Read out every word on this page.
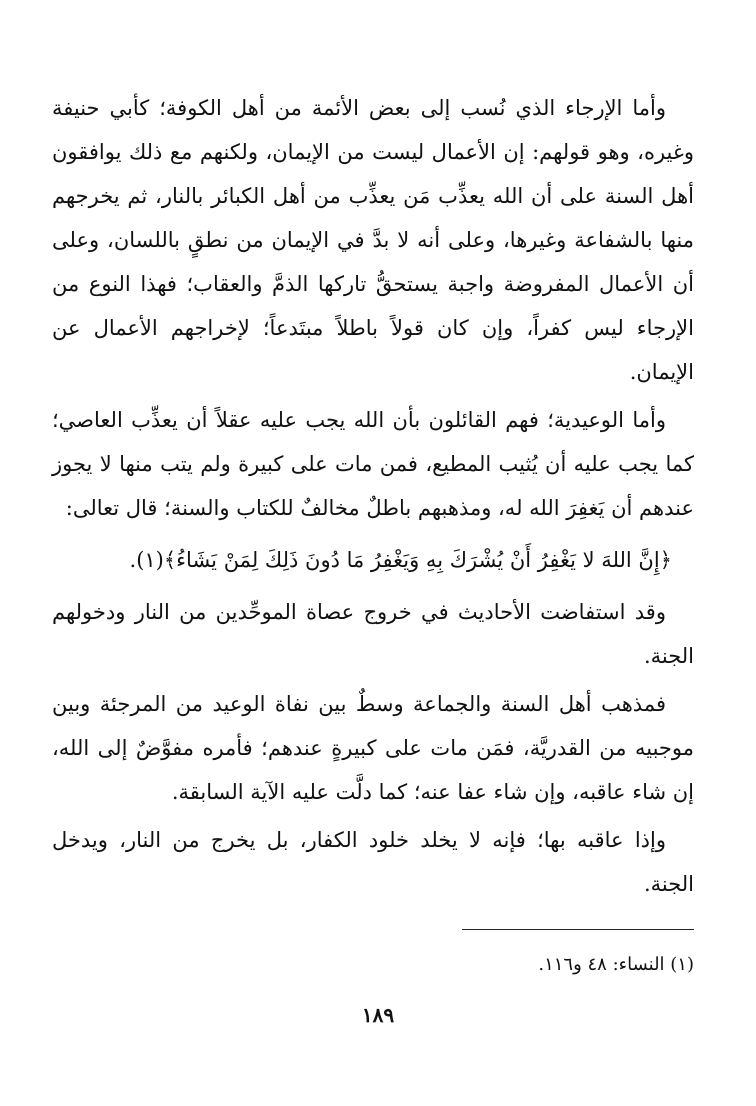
وأما الإرجاء الذي نُسب إلى بعض الأئمة من أهل الكوفة؛ كأبي حنيفة وغيره، وهو قولهم: إن الأعمال ليست من الإيمان، ولكنهم مع ذلك يوافقون أهل السنة على أن الله يعذِّب مَن يعذِّب من أهل الكبائر بالنار، ثم يخرجهم منها بالشفاعة وغيرها، وعلى أنه لا بدَّ في الإيمان من نطقٍ باللسان، وعلى أن الأعمال المفروضة واجبة يستحقُّ تاركها الذمَّ والعقاب؛ فهذا النوع من الإرجاء ليس كفراً، وإن كان قولاً باطلاً مبتَدعاً؛ لإخراجهم الأعمال عن الإيمان.

وأما الوعيدية؛ فهم القائلون بأن الله يجب عليه عقلاً أن يعذِّب العاصي؛ كما يجب عليه أن يُثيب المطيع، فمن مات على كبيرة ولم يتب منها لا يجوز عندهم أن يَغفِرَ الله له، ومذهبهم باطلٌ مخالفٌ للكتاب والسنة؛ قال تعالى:

﴿إِنَّ اللهَ لا يَغْفِرُ أَنْ يُشْرَكَ بِهِ وَيَغْفِرُ مَا دُونَ ذَلِكَ لِمَنْ يَشَاءُ﴾(١).

وقد استفاضت الأحاديث في خروج عصاة الموحِّدين من النار ودخولهم الجنة.

فمذهب أهل السنة والجماعة وسطٌ بين نفاة الوعيد من المرجئة وبين موجبيه من القدريَّة، فمَن مات على كبيرةٍ عندهم؛ فأمره مفوَّضٌ إلى الله، إن شاء عاقبه، وإن شاء عفا عنه؛ كما دلَّت عليه الآية السابقة.

وإذا عاقبه بها؛ فإنه لا يخلد خلود الكفار، بل يخرج من النار، ويدخل الجنة.

(١) النساء: ٤٨ و١١٦.
١٨٩
